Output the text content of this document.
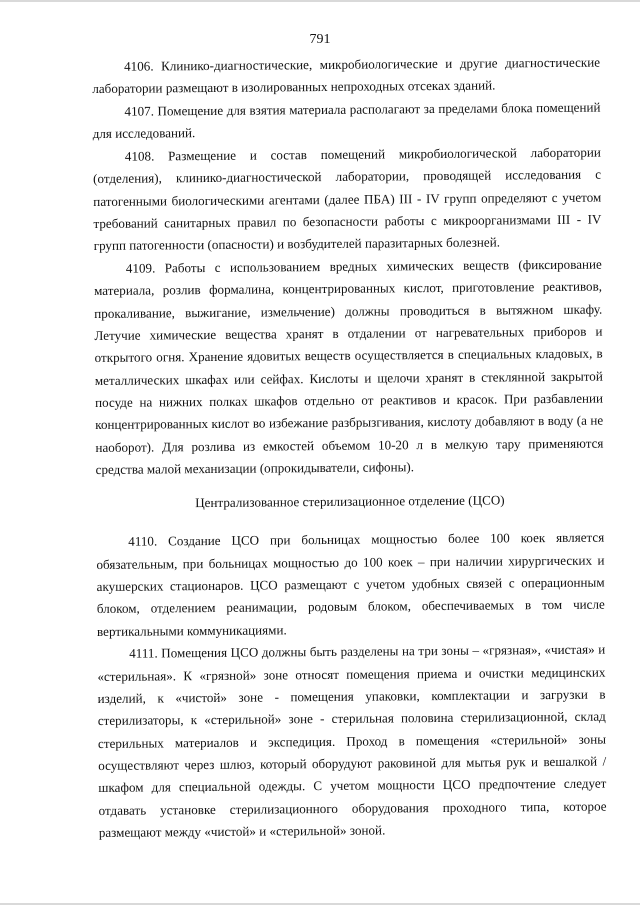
791

4106. Клинико-диагностические, микробиологические и другие диагностические лаборатории размещают в изолированных непроходных отсеках зданий.

4107. Помещение для взятия материала располагают за пределами блока помещений для исследований.

4108. Размещение и состав помещений микробиологической лаборатории (отделения), клинико-диагностической лаборатории, проводящей исследования с патогенными биологическими агентами (далее ПБА) III - IV групп определяют с учетом требований санитарных правил по безопасности работы с микроорганизмами III - IV групп патогенности (опасности) и возбудителей паразитарных болезней.

4109. Работы с использованием вредных химических веществ (фиксирование материала, розлив формалина, концентрированных кислот, приготовление реактивов, прокаливание, выжигание, измельчение) должны проводиться в вытяжном шкафу. Летучие химические вещества хранят в отдалении от нагревательных приборов и открытого огня. Хранение ядовитых веществ осуществляется в специальных кладовых, в металлических шкафах или сейфах. Кислоты и щелочи хранят в стеклянной закрытой посуде на нижних полках шкафов отдельно от реактивов и красок. При разбавлении концентрированных кислот во избежание разбрызгивания, кислоту добавляют в воду (а не наоборот). Для розлива из емкостей объемом 10-20 л в мелкую тару применяются средства малой механизации (опрокидыватели, сифоны).

Централизованное стерилизационное отделение (ЦСО)

4110. Создание ЦСО при больницах мощностью более 100 коек является обязательным, при больницах мощностью до 100 коек – при наличии хирургических и акушерских стационаров. ЦСО размещают с учетом удобных связей с операционным блоком, отделением реанимации, родовым блоком, обеспечиваемых в том числе вертикальными коммуникациями.

4111. Помещения ЦСО должны быть разделены на три зоны – «грязная», «чистая» и «стерильная». К «грязной» зоне относят помещения приема и очистки медицинских изделий, к «чистой» зоне - помещения упаковки, комплектации и загрузки в стерилизаторы, к «стерильной» зоне - стерильная половина стерилизационной, склад стерильных материалов и экспедиция. Проход в помещения «стерильной» зоны осуществляют через шлюз, который оборудуют раковиной для мытья рук и вешалкой / шкафом для специальной одежды. С учетом мощности ЦСО предпочтение следует отдавать установке стерилизационного оборудования проходного типа, которое размещают между «чистой» и «стерильной» зоной.
